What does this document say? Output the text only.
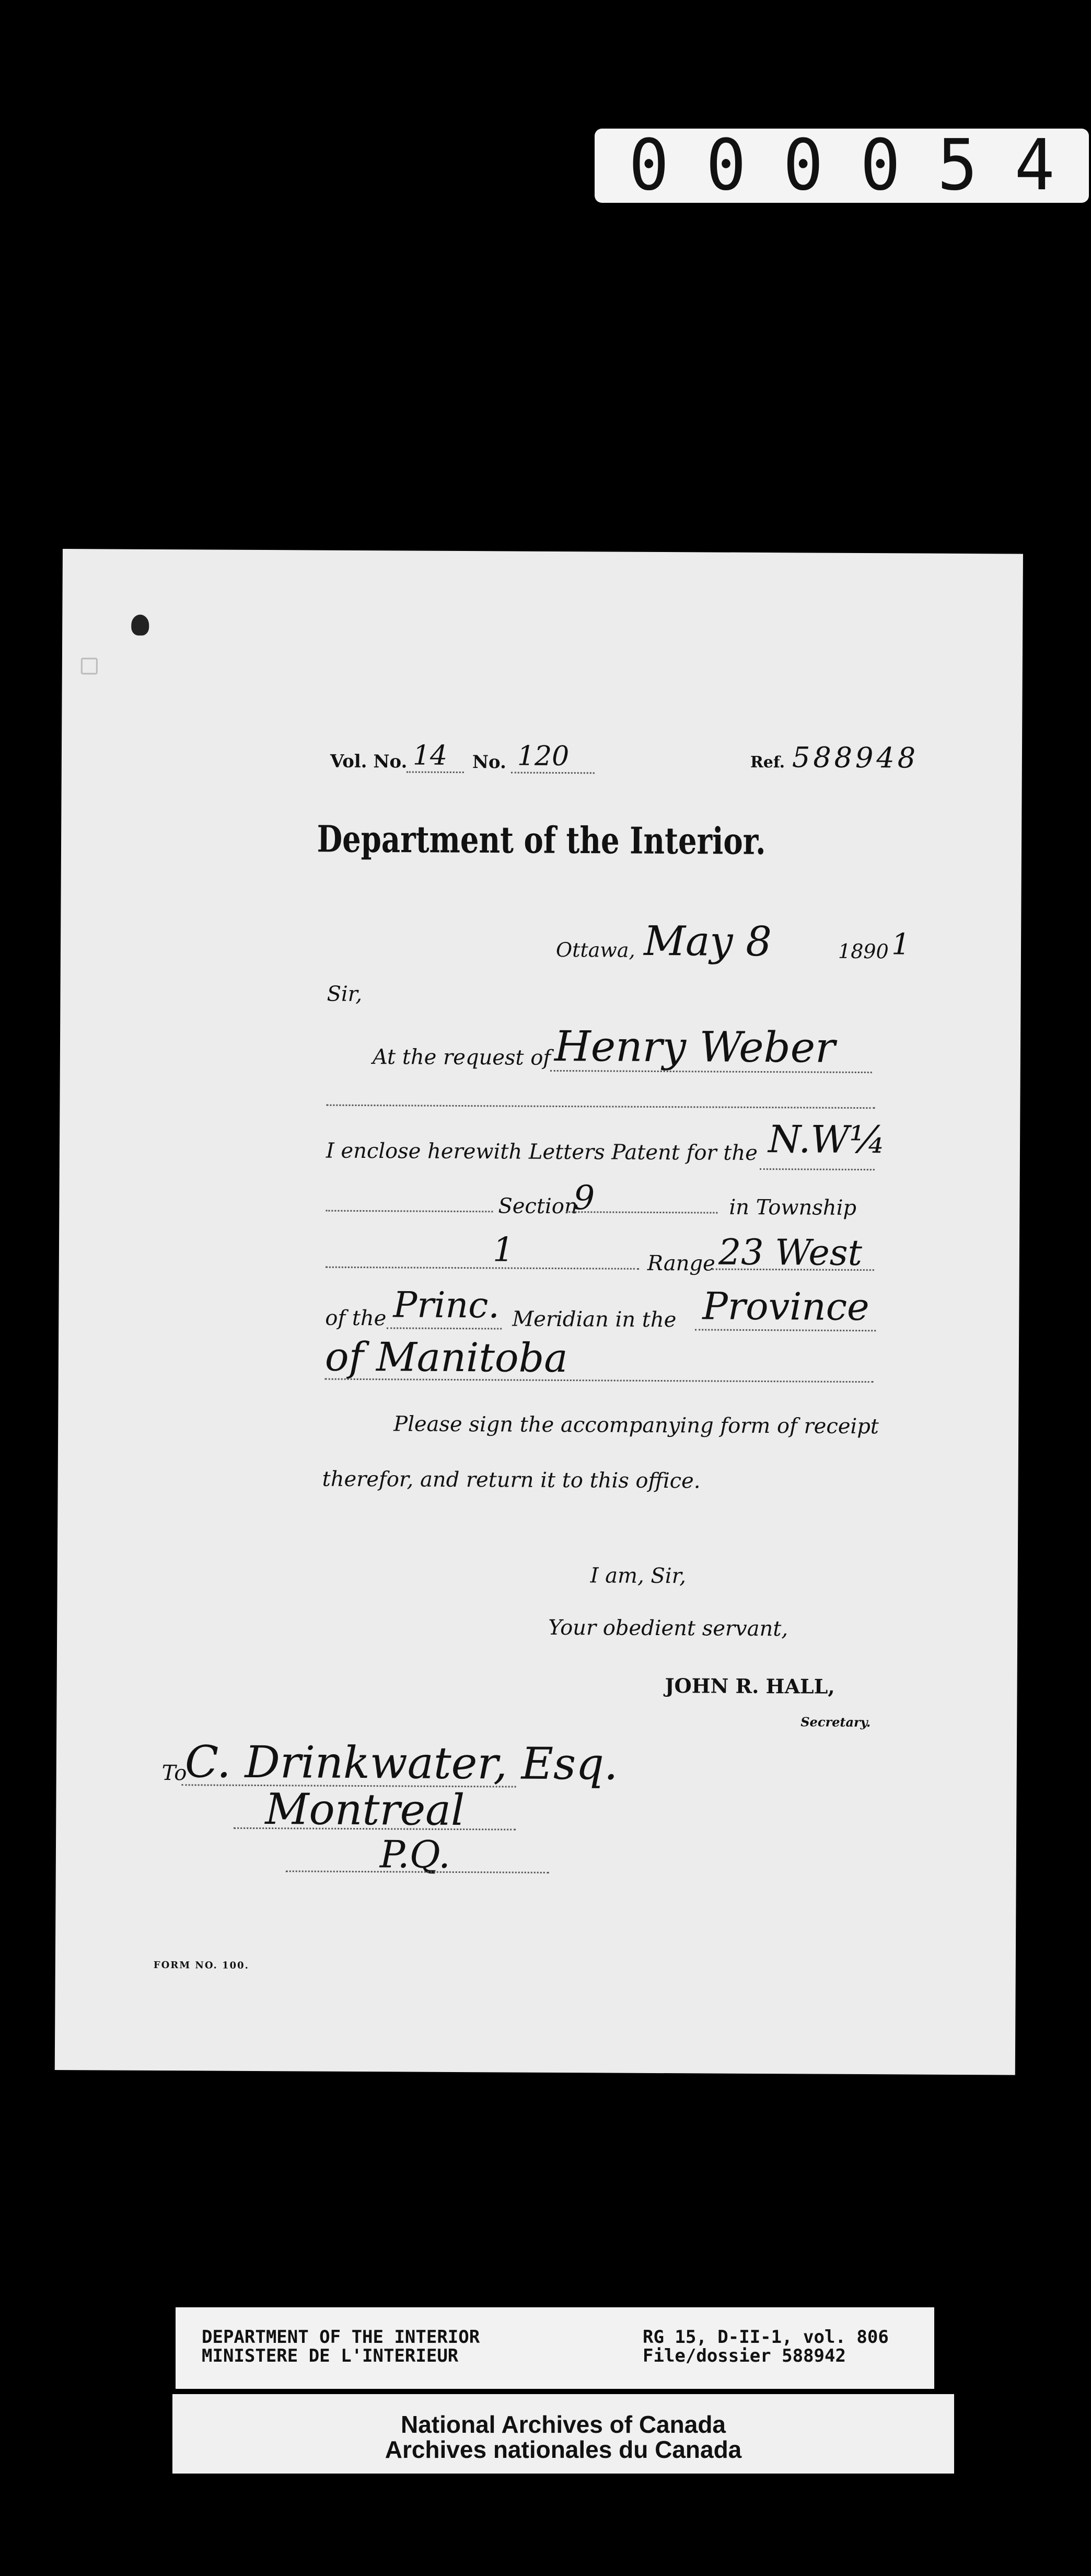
0 0 0 0 5 4
Vol. No. 14 No. 120	Ref. 588948
Department of the Interior.
Ottawa, May 8	1890 1
Sir,
At the request of Henry Weber
I enclose herewith Letters Patent for the N.W¼
Section
9	in Township
1	Range 23 West
of the Princ. Meridian in the Province
of Manitoba
Please sign the accompanying form of receipt
therefor, and return it to this office.
I am, Sir,
Your obedient servant,
JOHN R. HALL,
Secretary.
To
C. Drinkwater, Esq.
Montreal
P.Q.
FORM NO. 100.
DEPARTMENT OF THE INTERIOR
MINISTERE DE L'INTERIEUR
RG 15, D-II-1, vol. 806
File/dossier 588942
National Archives of Canada
Archives nationales du Canada
